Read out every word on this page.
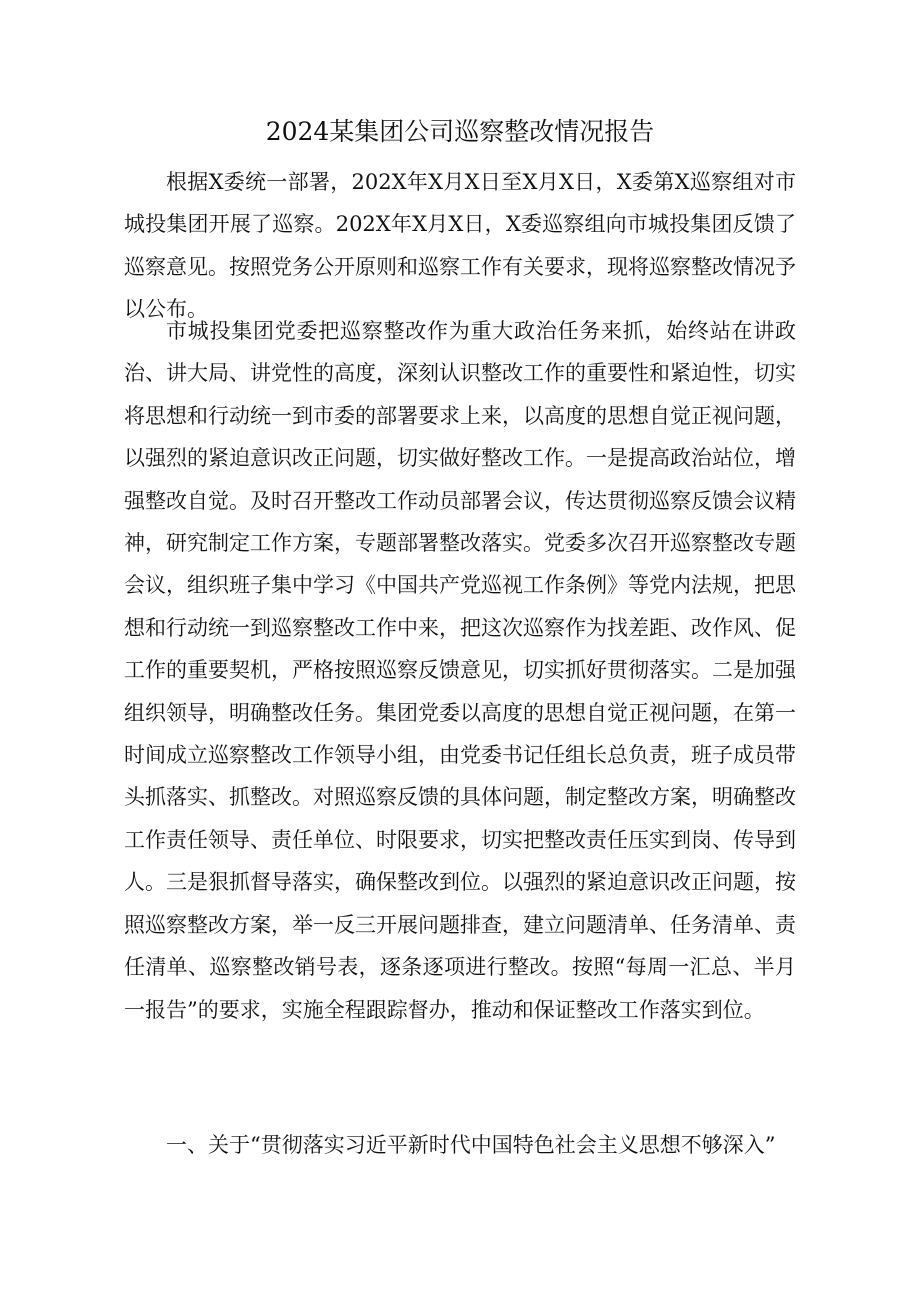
2024某集团公司巡察整改情况报告

根据X委统一部署，202X年X月X日至X月X日，X委第X巡察组对市城投集团开展了巡察。202X年X月X日，X委巡察组向市城投集团反馈了巡察意见。按照党务公开原则和巡察工作有关要求，现将巡察整改情况予以公布。

市城投集团党委把巡察整改作为重大政治任务来抓，始终站在讲政治、讲大局、讲党性的高度，深刻认识整改工作的重要性和紧迫性，切实将思想和行动统一到市委的部署要求上来，以高度的思想自觉正视问题，以强烈的紧迫意识改正问题，切实做好整改工作。一是提高政治站位，增强整改自觉。及时召开整改工作动员部署会议，传达贯彻巡察反馈会议精神，研究制定工作方案，专题部署整改落实。党委多次召开巡察整改专题会议，组织班子集中学习《中国共产党巡视工作条例》等党内法规，把思想和行动统一到巡察整改工作中来，把这次巡察作为找差距、改作风、促工作的重要契机，严格按照巡察反馈意见，切实抓好贯彻落实。二是加强组织领导，明确整改任务。集团党委以高度的思想自觉正视问题，在第一时间成立巡察整改工作领导小组，由党委书记任组长总负责，班子成员带头抓落实、抓整改。对照巡察反馈的具体问题，制定整改方案，明确整改工作责任领导、责任单位、时限要求，切实把整改责任压实到岗、传导到人。三是狠抓督导落实，确保整改到位。以强烈的紧迫意识改正问题，按照巡察整改方案，举一反三开展问题排查，建立问题清单、任务清单、责任清单、巡察整改销号表，逐条逐项进行整改。按照“每周一汇总、半月一报告”的要求，实施全程跟踪督办，推动和保证整改工作落实到位。

一、关于“贯彻落实习近平新时代中国特色社会主义思想不够深入”
